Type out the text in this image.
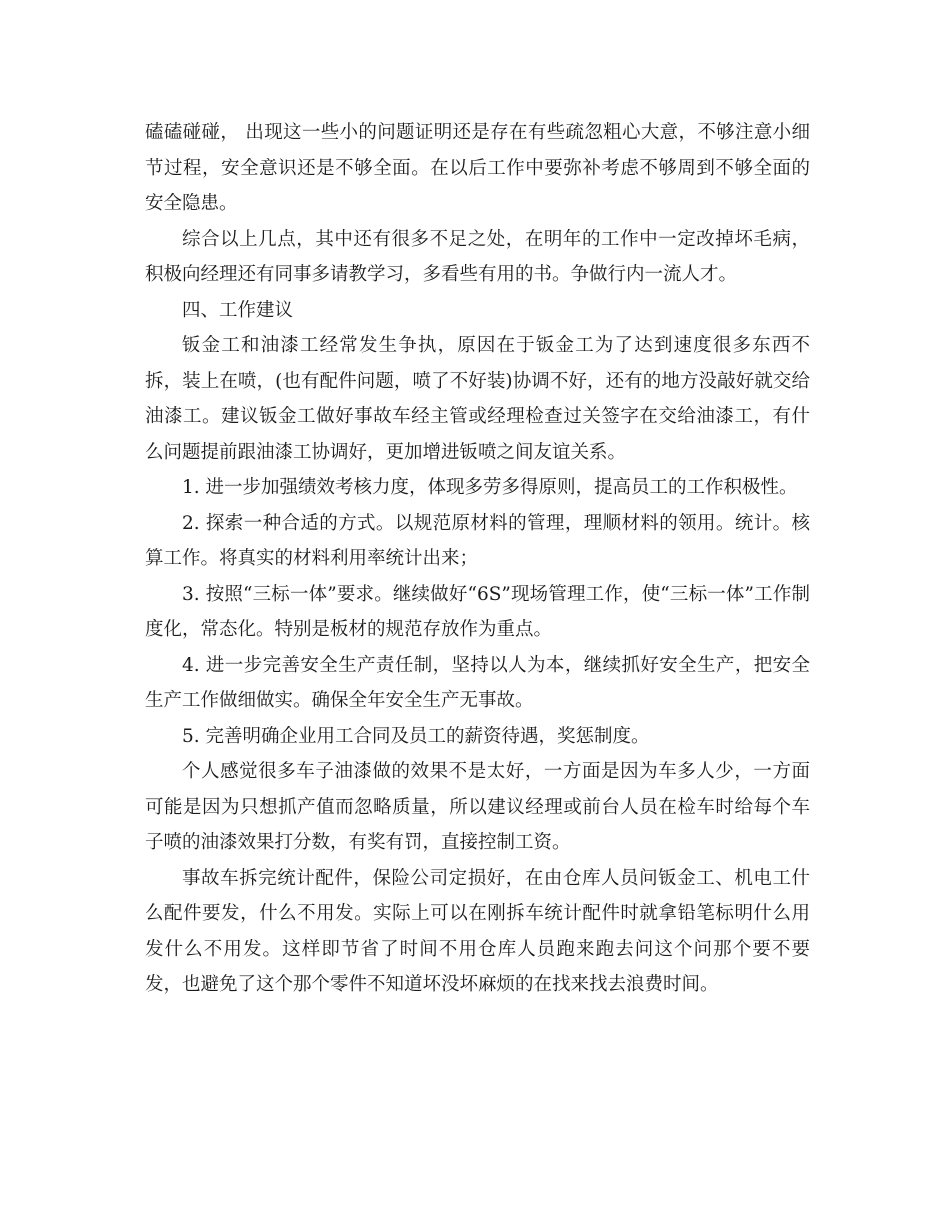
磕磕碰碰， 出现这一些小的问题证明还是存在有些疏忽粗心大意，不够注意小细节过程，安全意识还是不够全面。在以后工作中要弥补考虑不够周到不够全面的安全隐患。

综合以上几点，其中还有很多不足之处，在明年的工作中一定改掉坏毛病，积极向经理还有同事多请教学习，多看些有用的书。争做行内一流人才。

四、工作建议

钣金工和油漆工经常发生争执，原因在于钣金工为了达到速度很多东西不拆，装上在喷，(也有配件问题，喷了不好装)协调不好，还有的地方没敲好就交给油漆工。建议钣金工做好事故车经主管或经理检查过关签字在交给油漆工，有什么问题提前跟油漆工协调好，更加增进钣喷之间友谊关系。

1. 进一步加强绩效考核力度，体现多劳多得原则，提高员工的工作积极性。

2. 探索一种合适的方式。以规范原材料的管理，理顺材料的领用。统计。核算工作。将真实的材料利用率统计出来；

3. 按照“三标一体”要求。继续做好“6S”现场管理工作，使“三标一体”工作制度化，常态化。特别是板材的规范存放作为重点。

4. 进一步完善安全生产责任制，坚持以人为本，继续抓好安全生产，把安全生产工作做细做实。确保全年安全生产无事故。

5. 完善明确企业用工合同及员工的薪资待遇，奖惩制度。

个人感觉很多车子油漆做的效果不是太好，一方面是因为车多人少，一方面可能是因为只想抓产值而忽略质量，所以建议经理或前台人员在检车时给每个车子喷的油漆效果打分数，有奖有罚，直接控制工资。

事故车拆完统计配件，保险公司定损好，在由仓库人员问钣金工、机电工什么配件要发，什么不用发。实际上可以在刚拆车统计配件时就拿铅笔标明什么用发什么不用发。这样即节省了时间不用仓库人员跑来跑去问这个问那个要不要发，也避免了这个那个零件不知道坏没坏麻烦的在找来找去浪费时间。
